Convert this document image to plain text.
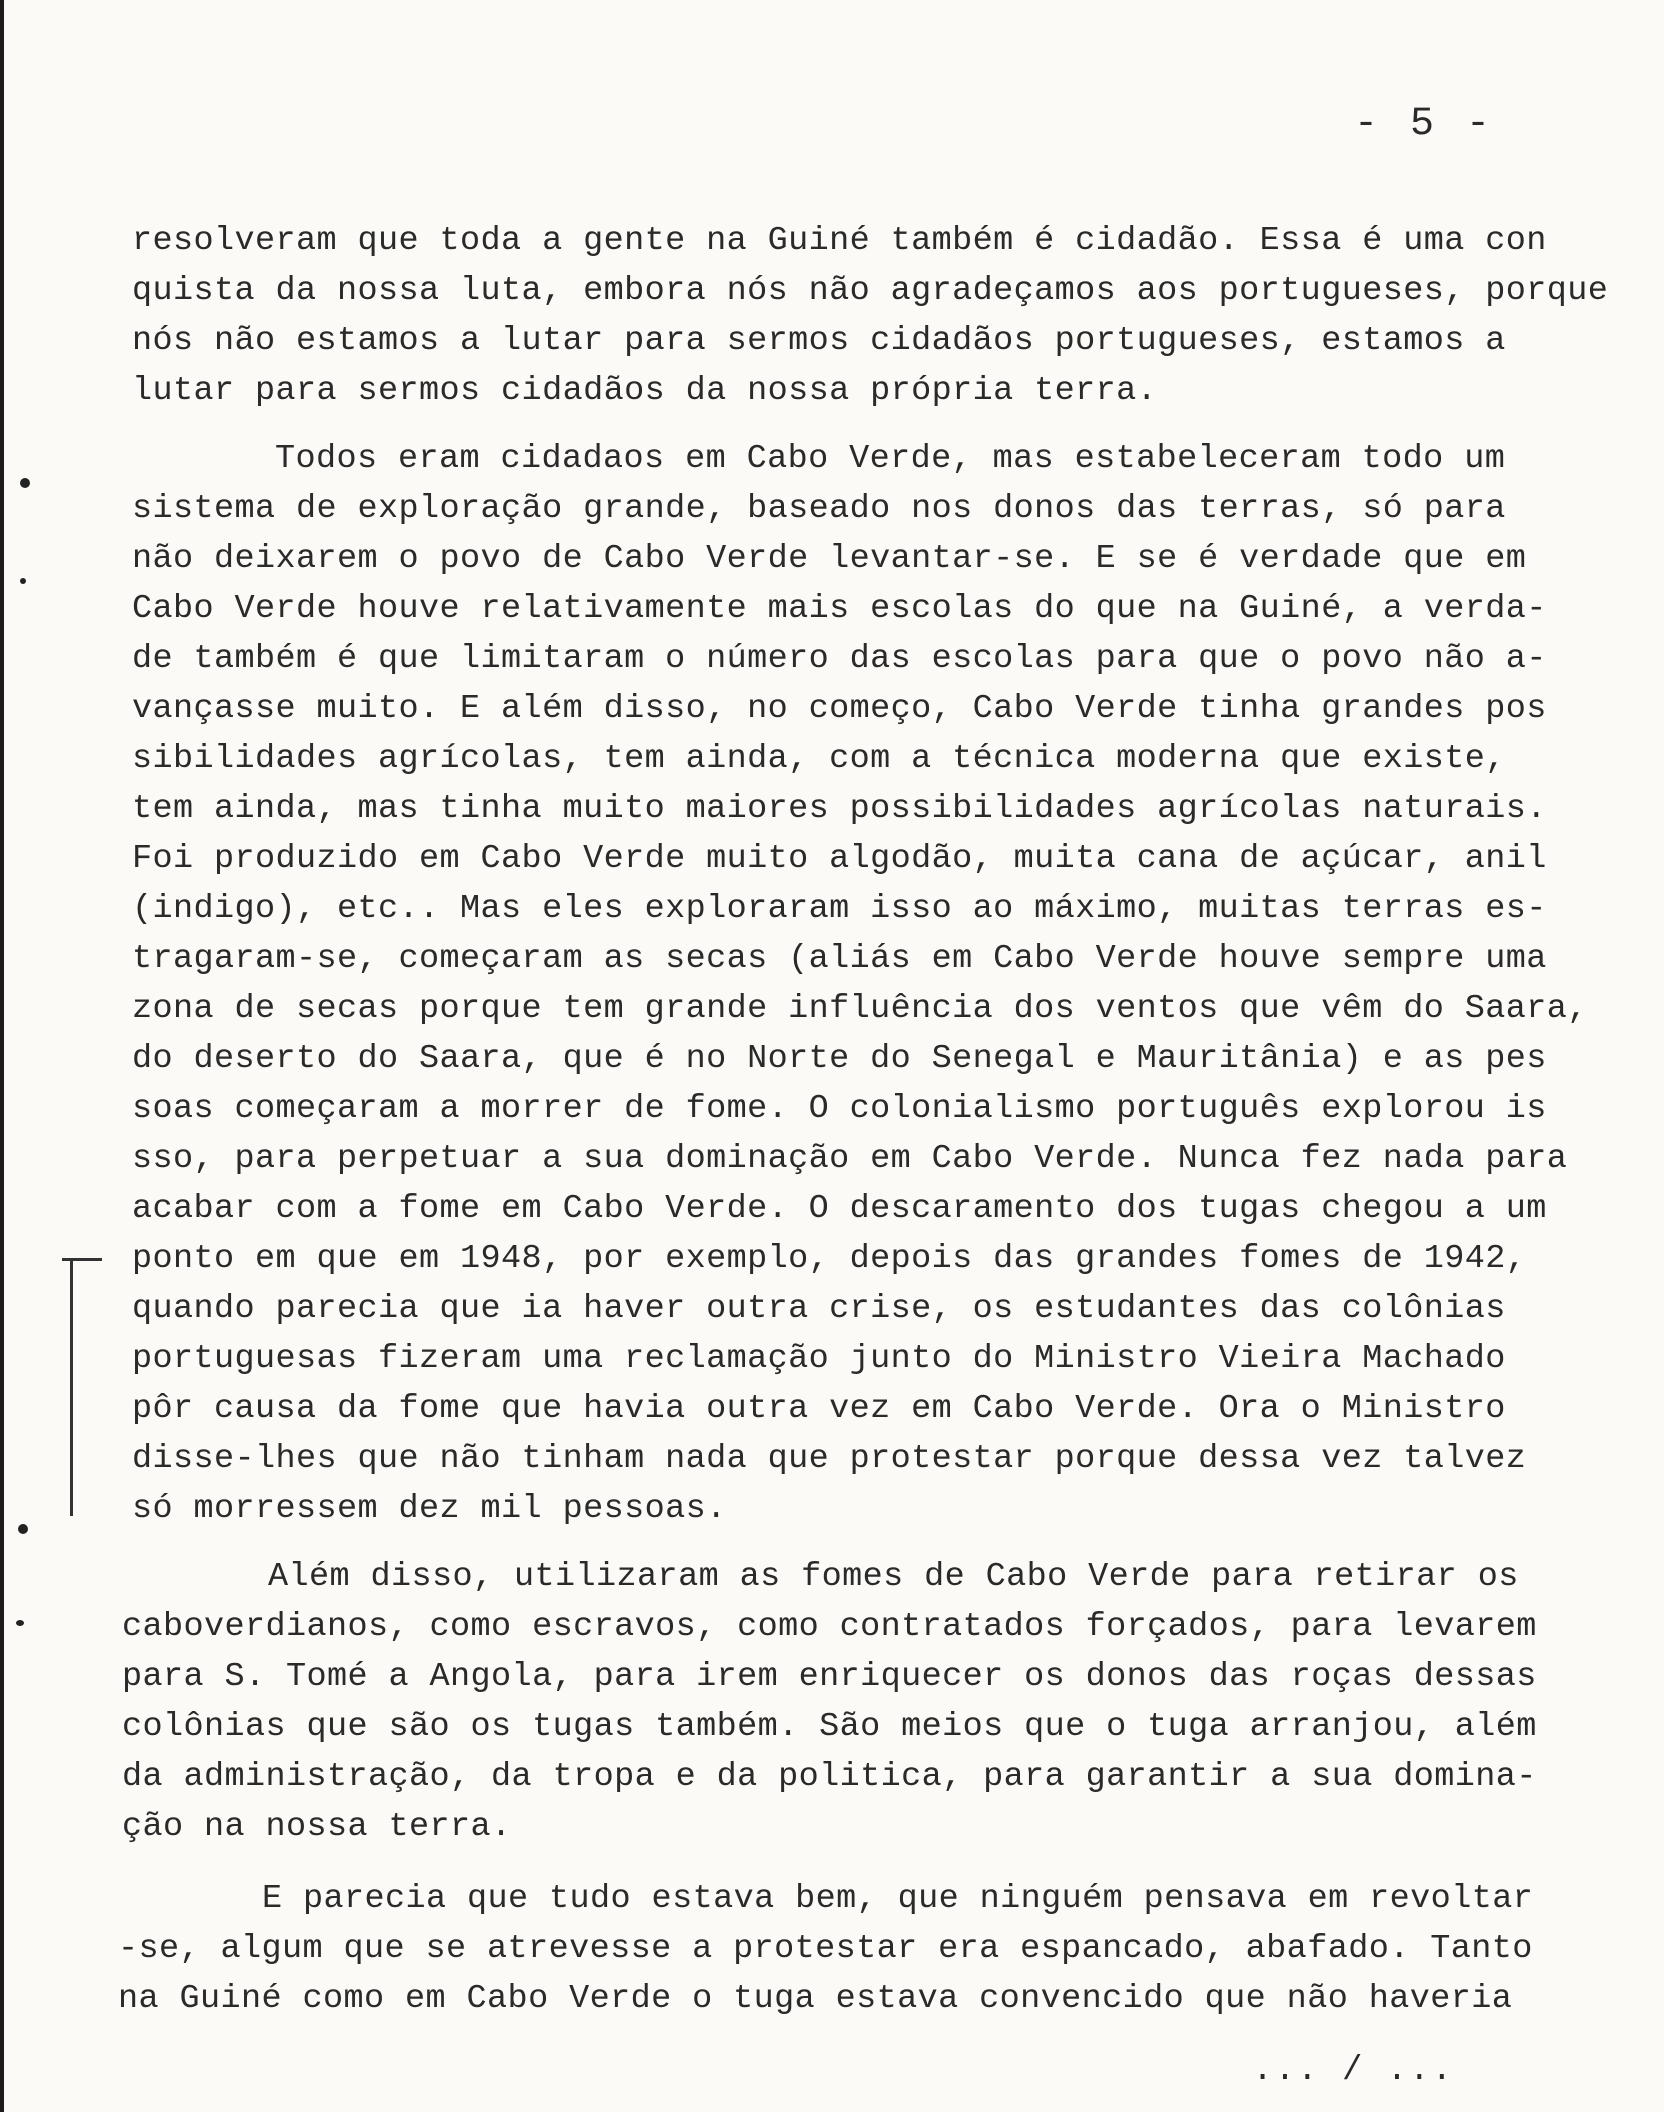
- 5 -
resolveram que toda a gente na Guiné também é cidadão. Essa é uma con
quista da nossa luta, embora nós não agradeçamos aos portugueses, porque
nós não estamos a lutar para sermos cidadãos portugueses, estamos a
lutar para sermos cidadãos da nossa própria terra.
Todos eram cidadaos em Cabo Verde, mas estabeleceram todo um
sistema de exploração grande, baseado nos donos das terras, só para
não deixarem o povo de Cabo Verde levantar-se. E se é verdade que em
Cabo Verde houve relativamente mais escolas do que na Guiné, a verda-
de também é que limitaram o número das escolas para que o povo não a-
vançasse muito. E além disso, no começo, Cabo Verde tinha grandes pos
sibilidades agrícolas, tem ainda, com a técnica moderna que existe,
tem ainda, mas tinha muito maiores possibilidades agrícolas naturais.
Foi produzido em Cabo Verde muito algodão, muita cana de açúcar, anil
(indigo), etc.. Mas eles exploraram isso ao máximo, muitas terras es-
tragaram-se, começaram as secas (aliás em Cabo Verde houve sempre uma
zona de secas porque tem grande influência dos ventos que vêm do Saara,
do deserto do Saara, que é no Norte do Senegal e Mauritânia) e as pes
soas começaram a morrer de fome. O colonialismo português explorou is
sso, para perpetuar a sua dominação em Cabo Verde. Nunca fez nada para
acabar com a fome em Cabo Verde. O descaramento dos tugas chegou a um
ponto em que em 1948, por exemplo, depois das grandes fomes de 1942,
quando parecia que ia haver outra crise, os estudantes das colônias
portuguesas fizeram uma reclamação junto do Ministro Vieira Machado
pôr causa da fome que havia outra vez em Cabo Verde. Ora o Ministro
disse-lhes que não tinham nada que protestar porque dessa vez talvez
só morressem dez mil pessoas.
Além disso, utilizaram as fomes de Cabo Verde para retirar os
caboverdianos, como escravos, como contratados forçados, para levarem
para S. Tomé a Angola, para irem enriquecer os donos das roças dessas
colônias que são os tugas também. São meios que o tuga arranjou, além
da administração, da tropa e da politica, para garantir a sua domina-
ção na nossa terra.
E parecia que tudo estava bem, que ninguém pensava em revoltar
-se, algum que se atrevesse a protestar era espancado, abafado. Tanto
na Guiné como em Cabo Verde o tuga estava convencido que não haveria
... / ...
